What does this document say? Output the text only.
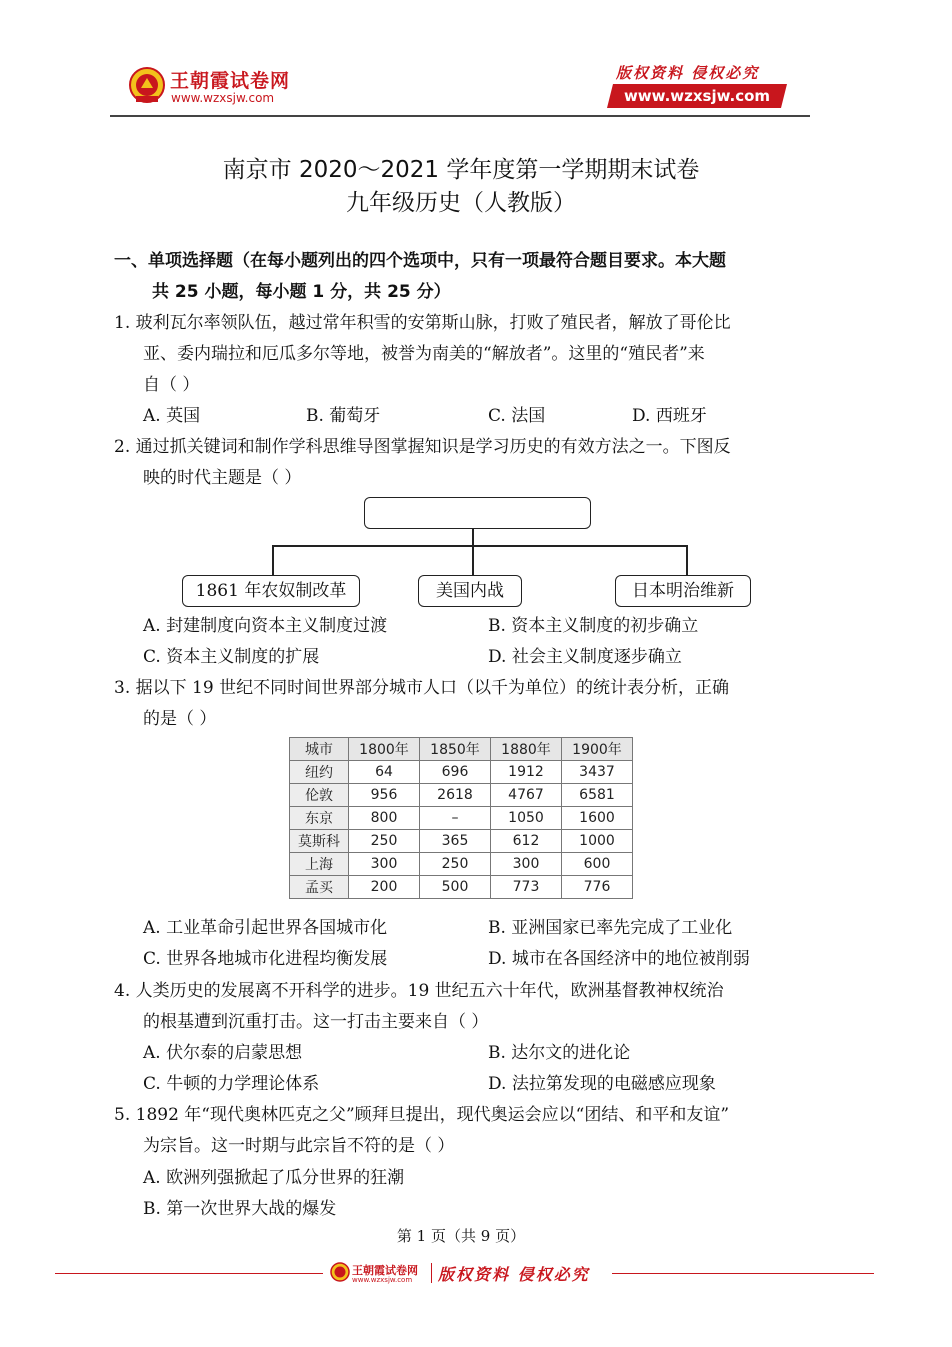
王朝霞试卷网
www.wzxsjw.com
版权资料 侵权必究
www.wzxsjw.com
南京市 2020～2021 学年度第一学期期末试卷
九年级历史（人教版）
一、单项选择题（在每小题列出的四个选项中，只有一项最符合题目要求。本大题
共 25 小题，每小题 1 分，共 25 分）
1. 玻利瓦尔率领队伍，越过常年积雪的安第斯山脉，打败了殖民者，解放了哥伦比
亚、委内瑞拉和厄瓜多尔等地，被誉为南美的“解放者”。这里的“殖民者”来
自（ ）
A. 英国	B. 葡萄牙	C. 法国	D. 西班牙
2. 通过抓关键词和制作学科思维导图掌握知识是学习历史的有效方法之一。下图反
映的时代主题是（ ）
1861 年农奴制改革	美国内战	日本明治维新
A. 封建制度向资本主义制度过渡	B. 资本主义制度的初步确立
C. 资本主义制度的扩展	D. 社会主义制度逐步确立
3. 据以下 19 世纪不同时间世界部分城市人口（以千为单位）的统计表分析，正确
的是（ ）
城市	1800年	1850年	1880年	1900年
纽约	64	696	1912	3437
伦敦	956	2618	4767	6581
东京	800	–	1050	1600
莫斯科	250	365	612	1000
上海	300	250	300	600
孟买	200	500	773	776
A. 工业革命引起世界各国城市化	B. 亚洲国家已率先完成了工业化
C. 世界各地城市化进程均衡发展	D. 城市在各国经济中的地位被削弱
4. 人类历史的发展离不开科学的进步。19 世纪五六十年代，欧洲基督教神权统治
的根基遭到沉重打击。这一打击主要来自（ ）
A. 伏尔泰的启蒙思想	B. 达尔文的进化论
C. 牛顿的力学理论体系	D. 法拉第发现的电磁感应现象
5. 1892 年“现代奥林匹克之父”顾拜旦提出，现代奥运会应以“团结、和平和友谊”
为宗旨。这一时期与此宗旨不符的是（ ）
A. 欧洲列强掀起了瓜分世界的狂潮
B. 第一次世界大战的爆发
第 1 页（共 9 页）
王朝霞试卷网
www.wzxsjw.com 版权资料 侵权必究
